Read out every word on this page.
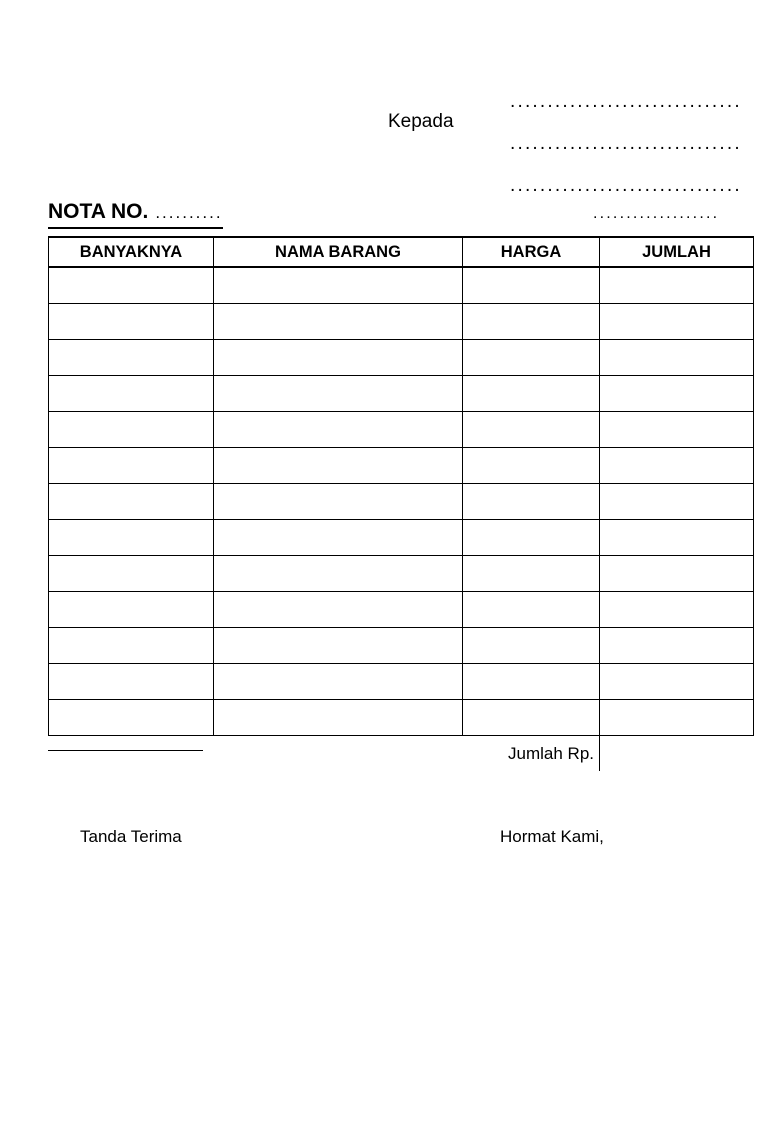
Kepada
...............................
...............................
...............................
...................
NOTA NO. ..........
BANYAKNYA	NAMA BARANG	HARGA	JUMLAH

		Jumlah Rp.	
Tanda Terima	Hormat Kami,
